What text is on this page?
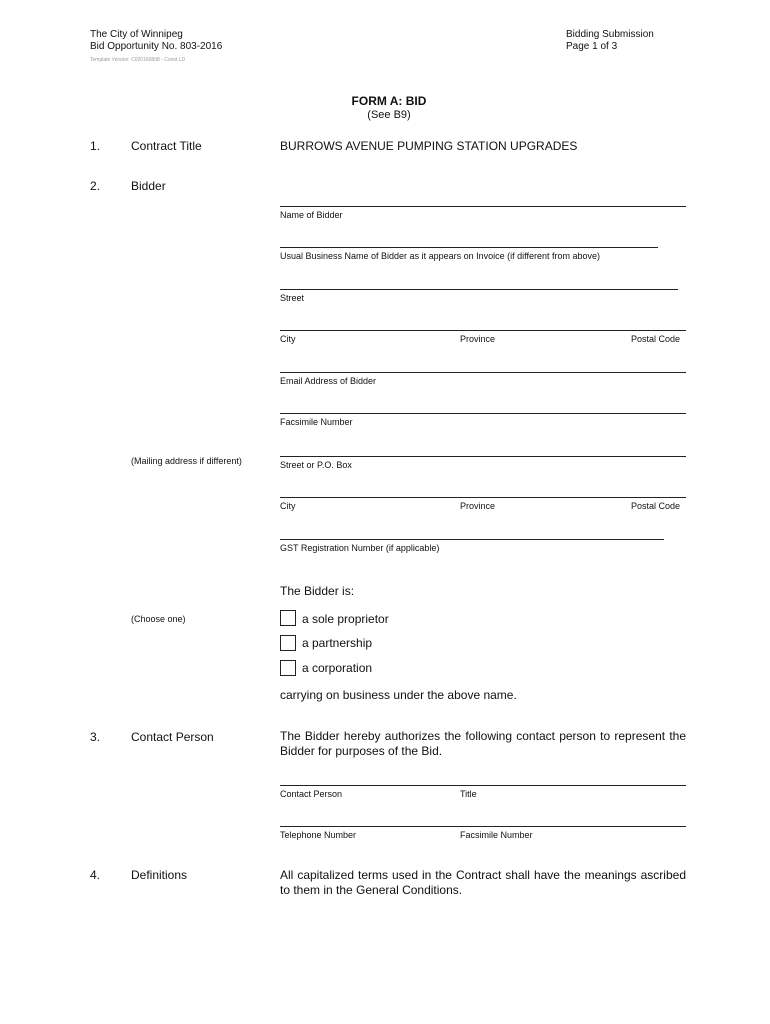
The City of Winnipeg
Bid Opportunity No. 803-2016
Template Version: C020160808 - Const LD
Bidding Submission
Page 1 of 3
FORM A: BID
(See B9)
1.	Contract Title	BURROWS AVENUE PUMPING STATION UPGRADES
2.	Bidder
Name of Bidder
Usual Business Name of Bidder as it appears on Invoice (if different from above)
Street
City	Province	Postal Code
Email Address of Bidder
Facsimile Number
(Mailing address if different)	Street or P.O. Box
City	Province	Postal Code
GST Registration Number (if applicable)
The Bidder is:
(Choose one)	a sole proprietor
a partnership
a corporation
carrying on business under the above name.
3.	Contact Person	The Bidder hereby authorizes the following contact person to represent the Bidder for purposes of the Bid.
Contact Person	Title
Telephone Number	Facsimile Number
4.	Definitions	All capitalized terms used in the Contract shall have the meanings ascribed to them in the General Conditions.
